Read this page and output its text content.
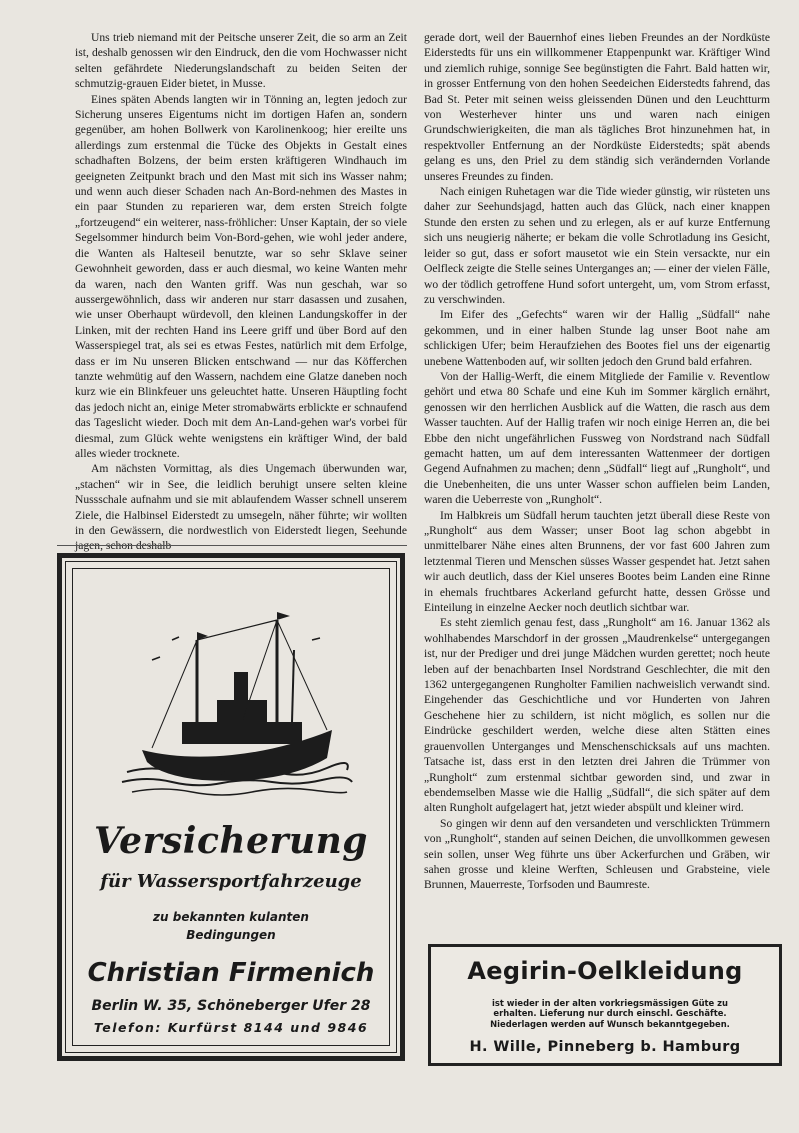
Uns trieb niemand mit der Peitsche unserer Zeit, die so arm an Zeit ist, deshalb genossen wir den Eindruck, den die vom Hochwasser nicht selten gefährdete Niederungslandschaft zu beiden Seiten der schmutzig-grauen Eider bietet, in Musse.

Eines späten Abends langten wir in Tönning an, legten jedoch zur Sicherung unseres Eigentums nicht im dortigen Hafen an, sondern gegenüber, am hohen Bollwerk von Karolinenkoog; hier ereilte uns allerdings zum erstenmal die Tücke des Objekts in Gestalt eines schadhaften Bolzens, der beim ersten kräftigeren Windhauch im geeigneten Zeitpunkt brach und den Mast mit sich ins Wasser nahm; und wenn auch dieser Schaden nach An-Bord-nehmen des Mastes in ein paar Stunden zu reparieren war, dem ersten Streich folgte „fortzeugend“ ein weiterer, nass-fröhlicher: Unser Kaptain, der so viele Segelsommer hindurch beim Von-Bord-gehen, wie wohl jeder andere, die Wanten als Halteseil benutzte, war so sehr Sklave seiner Gewohnheit geworden, dass er auch diesmal, wo keine Wanten mehr da waren, nach den Wanten griff. Was nun geschah, war so aussergewöhnlich, dass wir anderen nur starr dasassen und zusahen, wie unser Oberhaupt würdevoll, den kleinen Landungskoffer in der Linken, mit der rechten Hand ins Leere griff und über Bord auf den Wasserspiegel trat, als sei es etwas Festes, natürlich mit dem Erfolge, dass er im Nu unseren Blicken entschwand — nur das Köfferchen tanzte wehmütig auf den Wassern, nachdem eine Glatze daneben noch kurz wie ein Blinkfeuer uns geleuchtet hatte. Unseren Häuptling focht das jedoch nicht an, einige Meter stromabwärts erblickte er schnaufend das Tageslicht wieder. Doch mit dem An-Land-gehen war's vorbei für diesmal, zum Glück wehte wenigstens ein kräftiger Wind, der bald alles wieder trocknete.

Am nächsten Vormittag, als dies Ungemach überwunden war, „stachen“ wir in See, die leidlich beruhigt unsere selten kleine Nussschale aufnahm und sie mit ablaufendem Wasser schnell unserem Ziele, die Halbinsel Eiderstedt zu umsegeln, näher führte; wir wollten in den Gewässern, die nordwestlich von Eiderstedt liegen, Seehunde jagen, schon deshalb

Versicherung
für Wassersportfahrzeuge
zu bekannten kulanten
Bedingungen
Christian Firmenich
Berlin W. 35, Schöneberger Ufer 28
Telefon: Kurfürst 8144 und 9846

gerade dort, weil der Bauernhof eines lieben Freundes an der Nordküste Eiderstedts für uns ein willkommener Etappenpunkt war. Kräftiger Wind und ziemlich ruhige, sonnige See begünstigten die Fahrt. Bald hatten wir, in grosser Entfernung von den hohen Seedeichen Eiderstedts fahrend, das Bad St. Peter mit seinen weiss gleissenden Dünen und den Leuchtturm von Westerhever hinter uns und waren nach einigen Grundschwierigkeiten, die man als tägliches Brot hinzunehmen hat, in respektvoller Entfernung an der Nordküste Eiderstedts; spät abends gelang es uns, den Priel zu dem ständig sich verändernden Vorlande unseres Freundes zu finden.

Nach einigen Ruhetagen war die Tide wieder günstig, wir rüsteten uns daher zur Seehundsjagd, hatten auch das Glück, nach einer knappen Stunde den ersten zu sehen und zu erlegen, als er auf kurze Entfernung sich uns neugierig näherte; er bekam die volle Schrotladung ins Gesicht, leider so gut, dass er sofort mausetot wie ein Stein versackte, nur ein Oelfleck zeigte die Stelle seines Unterganges an; — einer der vielen Fälle, wo der tödlich getroffene Hund sofort untergeht, um, vom Strom erfasst, zu verschwinden.

Im Eifer des „Gefechts“ waren wir der Hallig „Südfall“ nahe gekommen, und in einer halben Stunde lag unser Boot nahe am schlickigen Ufer; beim Heraufziehen des Bootes fiel uns der eigenartig unebene Wattenboden auf, wir sollten jedoch den Grund bald erfahren.

Von der Hallig-Werft, die einem Mitgliede der Familie v. Reventlow gehört und etwa 80 Schafe und eine Kuh im Sommer kärglich ernährt, genossen wir den herrlichen Ausblick auf die Watten, die rasch aus dem Wasser tauchten. Auf der Hallig trafen wir noch einige Herren an, die bei Ebbe den nicht ungefährlichen Fussweg von Nordstrand nach Südfall gemacht hatten, um auf dem interessanten Wattenmeer der dortigen Gegend Aufnahmen zu machen; denn „Südfall“ liegt auf „Rungholt“, und die Unebenheiten, die uns unter Wasser schon auffielen beim Landen, waren die Ueberreste von „Rungholt“.

Im Halbkreis um Südfall herum tauchten jetzt überall diese Reste von „Rungholt“ aus dem Wasser; unser Boot lag schon abgebbt in unmittelbarer Nähe eines alten Brunnens, der vor fast 600 Jahren zum letztenmal Tieren und Menschen süsses Wasser gespendet hat. Jetzt sahen wir auch deutlich, dass der Kiel unseres Bootes beim Landen eine Rinne in ehemals fruchtbares Ackerland gefurcht hatte, dessen Grösse und Einteilung in einzelne Aecker noch deutlich sichtbar war.

Es steht ziemlich genau fest, dass „Rungholt“ am 16. Januar 1362 als wohlhabendes Marschdorf in der grossen „Maudrenkelse“ untergegangen ist, nur der Prediger und drei junge Mädchen wurden gerettet; noch heute leben auf der benachbarten Insel Nordstrand Geschlechter, die mit den 1362 untergegangenen Rungholter Familien nachweislich verwandt sind. Eingehender das Geschichtliche und vor Hunderten von Jahren Geschehene hier zu schildern, ist nicht möglich, es sollen nur die Eindrücke geschildert werden, welche diese alten Stätten eines grauenvollen Unterganges und Menschenschicksals auf uns machten. Tatsache ist, dass erst in den letzten drei Jahren die Trümmer von „Rungholt“ zum erstenmal sichtbar geworden sind, und zwar in ebendemselben Masse wie die Hallig „Südfall“, die sich später auf dem alten Rungholt aufgelagert hat, jetzt wieder abspült und kleiner wird.

So gingen wir denn auf den versandeten und verschlickten Trümmern von „Rungholt“, standen auf seinen Deichen, die unvollkommen gewesen sein sollen, unser Weg führte uns über Ackerfurchen und Gräben, wir sahen grosse und kleine Werften, Schleusen und Grabsteine, viele Brunnen, Mauerreste, Torfsoden und Baumreste.

Aegirin-Oelkleidung
ist wieder in der alten vorkriegsmässigen Güte zu erhalten. Lieferung nur durch einschl. Geschäfte. Niederlagen werden auf Wunsch bekanntgegeben.
H. Wille, Pinneberg b. Hamburg
